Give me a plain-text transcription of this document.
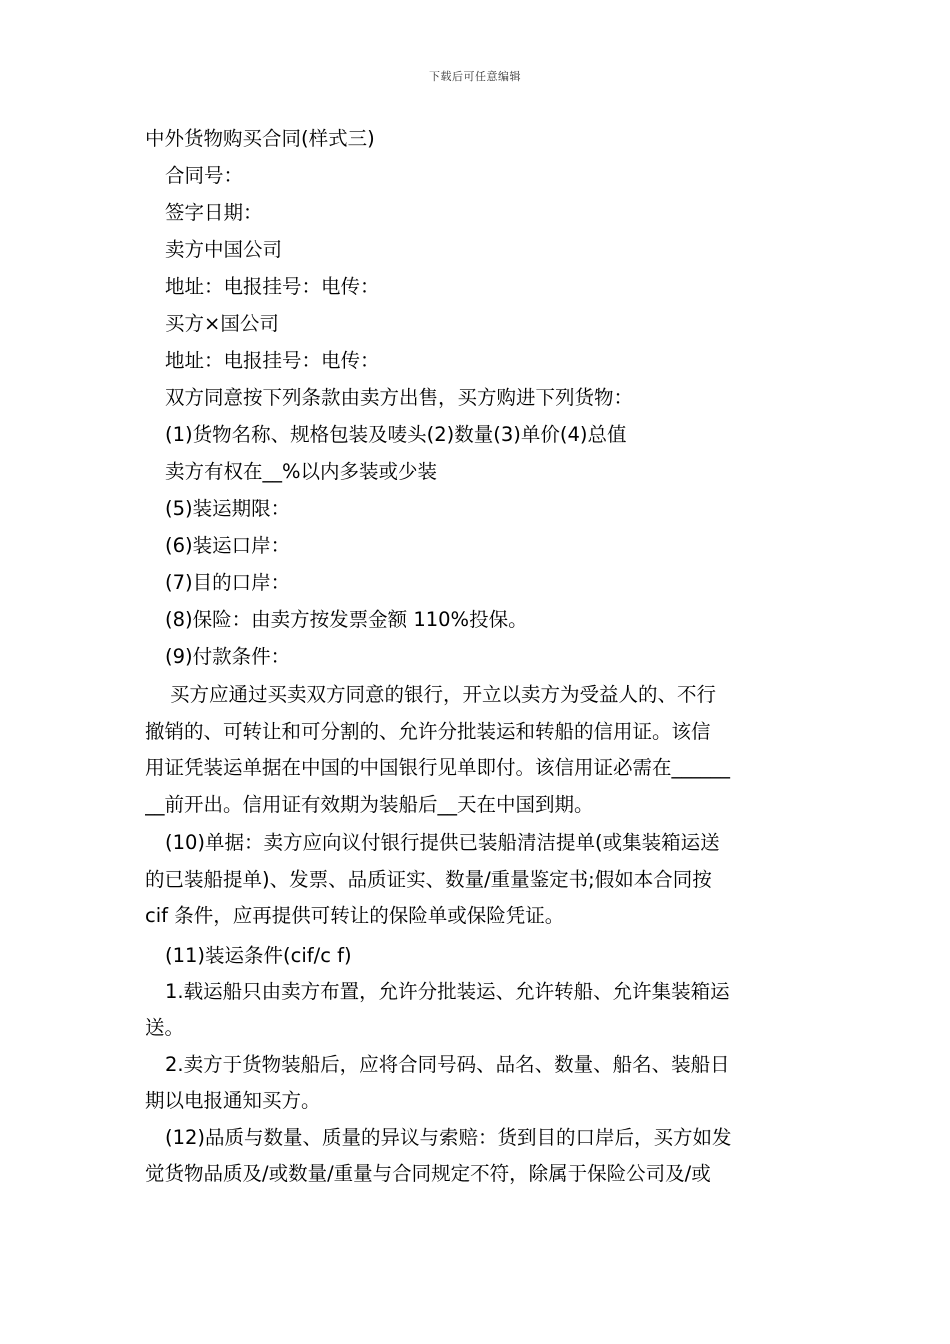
下载后可任意编辑
中外货物购买合同(样式三)
合同号：
签字日期：
卖方中国公司
地址：电报挂号：电传：
买方×国公司
地址：电报挂号：电传：
双方同意按下列条款由卖方出售，买方购进下列货物：
(1)货物名称、规格包装及唛头(2)数量(3)单价(4)总值
卖方有权在__%以内多装或少装
(5)装运期限：
(6)装运口岸：
(7)目的口岸：
(8)保险：由卖方按发票金额 110%投保。
(9)付款条件：
买方应通过买卖双方同意的银行，开立以卖方为受益人的、不行
撤销的、可转让和可分割的、允许分批装运和转船的信用证。该信
用证凭装运单据在中国的中国银行见单即付。该信用证必需在______
__前开出。信用证有效期为装船后__天在中国到期。
(10)单据：卖方应向议付银行提供已装船清洁提单(或集装箱运送
的已装船提单)、发票、品质证实、数量/重量鉴定书;假如本合同按
cif 条件，应再提供可转让的保险单或保险凭证。
(11)装运条件(cif/c f)
1.载运船只由卖方布置，允许分批装运、允许转船、允许集装箱运
送。
2.卖方于货物装船后，应将合同号码、品名、数量、船名、装船日
期以电报通知买方。
(12)品质与数量、质量的异议与索赔：货到目的口岸后，买方如发
觉货物品质及/或数量/重量与合同规定不符，除属于保险公司及/或
